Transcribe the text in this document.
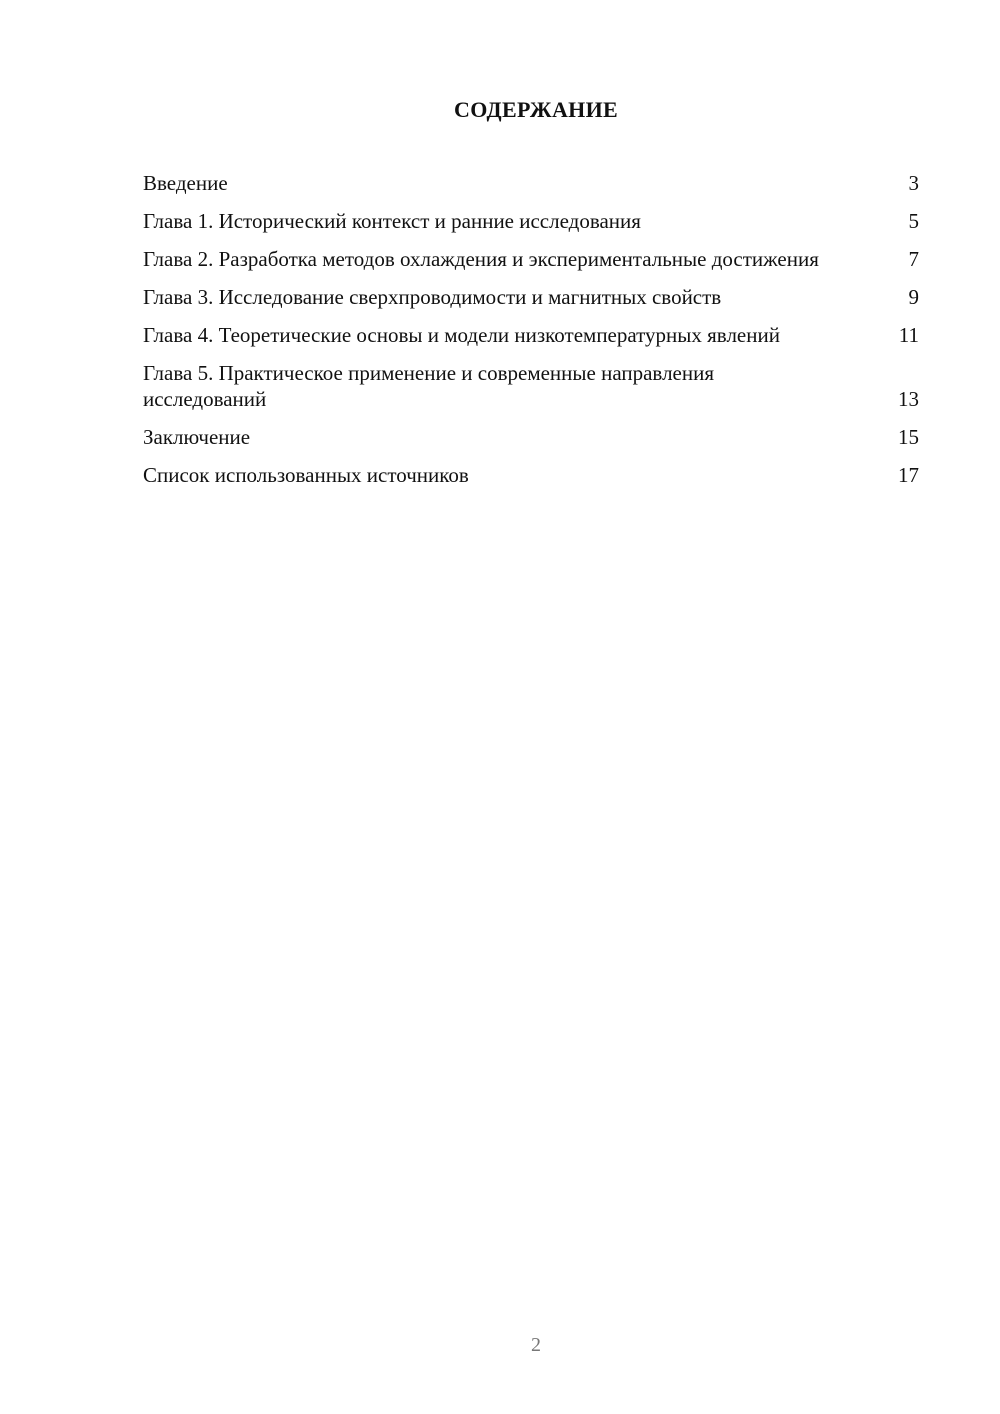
СОДЕРЖАНИЕ
Введение	3
Глава 1. Исторический контекст и ранние исследования	5
Глава 2. Разработка методов охлаждения и экспериментальные достижения	7
Глава 3. Исследование сверхпроводимости и магнитных свойств	9
Глава 4. Теоретические основы и модели низкотемпературных явлений	11
Глава 5. Практическое применение и современные направления исследований	13
Заключение	15
Список использованных источников	17
2
